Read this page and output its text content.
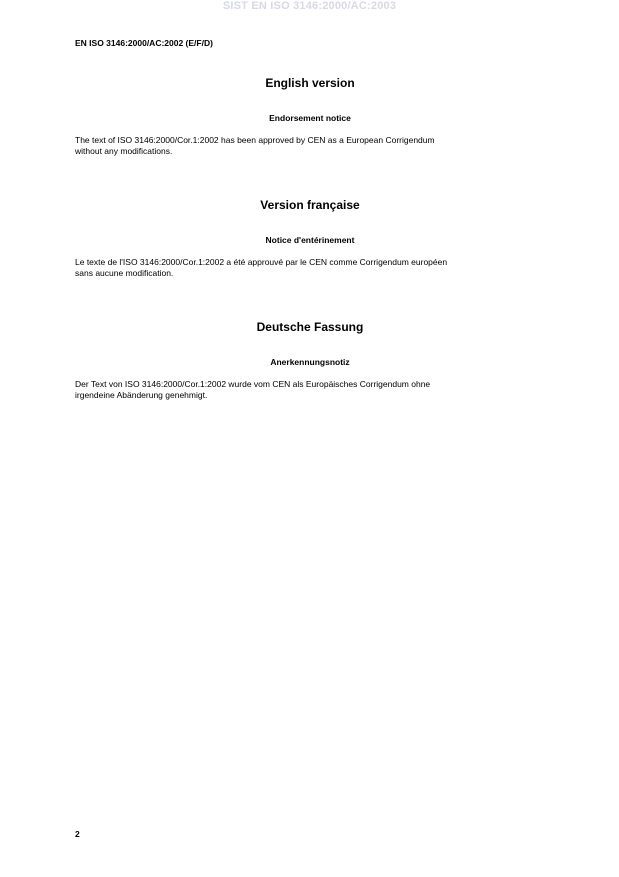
SIST EN ISO 3146:2000/AC:2003
EN ISO 3146:2000/AC:2002 (E/F/D)
English version
Endorsement notice
The text of ISO 3146:2000/Cor.1:2002 has been approved by CEN as a European Corrigendum
without any modifications.
Version française
Notice d'entérinement
Le texte de l'ISO 3146:2000/Cor.1:2002 a été approuvé par le CEN comme Corrigendum européen
sans aucune modification.
Deutsche Fassung
Anerkennungsnotiz
Der Text von ISO 3146:2000/Cor.1:2002 wurde vom CEN als Europäisches Corrigendum ohne
irgendeine Abänderung genehmigt.
2
